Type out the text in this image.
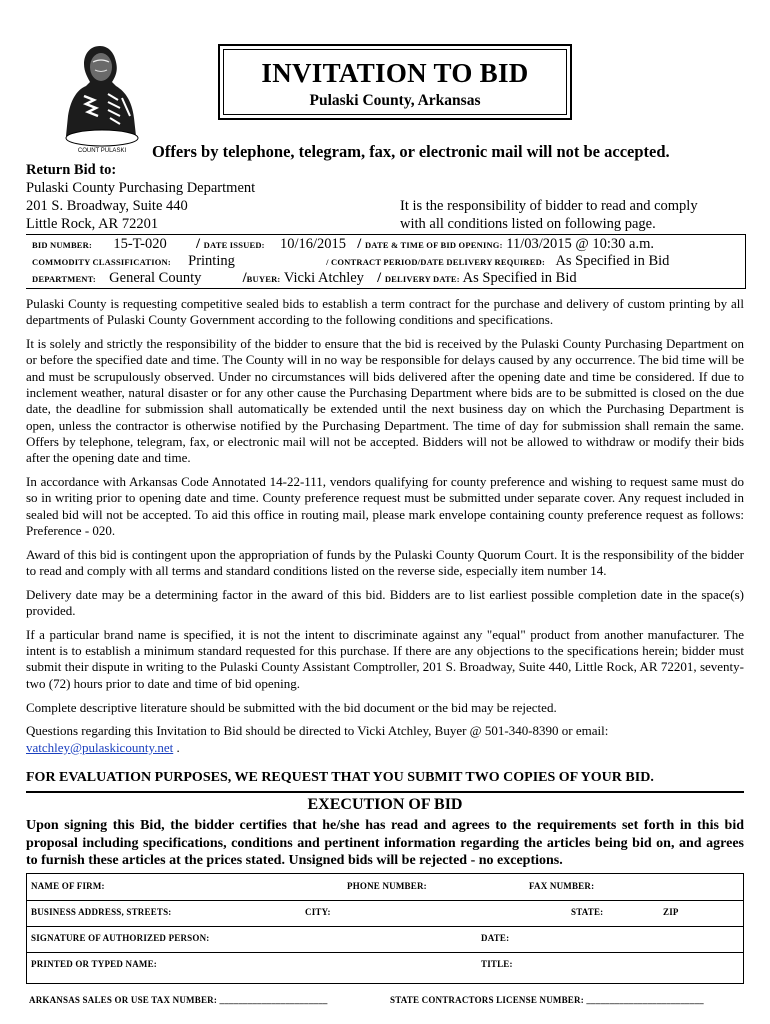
COUNT PULASKI
INVITATION TO BID
Pulaski County, Arkansas
Offers by telephone, telegram, fax, or electronic mail will not be accepted.
Return Bid to:
Pulaski County Purchasing Department
201 S. Broadway, Suite 440
Little Rock, AR 72201
It is the responsibility of bidder to read and comply
with all conditions listed on following page.
BID NUMBER: 15-T-020 / DATE ISSUED: 10/16/2015 / DATE & TIME OF BID OPENING: 11/03/2015 @ 10:30 a.m.
COMMODITY CLASSIFICATION: Printing	/ CONTRACT PERIOD/DATE DELIVERY REQUIRED: As Specified in Bid
DEPARTMENT: General County	/BUYER: Vicki Atchley / DELIVERY DATE: As Specified in Bid

Pulaski County is requesting competitive sealed bids to establish a term contract for the purchase and delivery of custom printing by all departments of Pulaski County Government according to the following conditions and specifications.

It is solely and strictly the responsibility of the bidder to ensure that the bid is received by the Pulaski County Purchasing Department on or before the specified date and time. The County will in no way be responsible for delays caused by any occurrence. The bid time will be and must be scrupulously observed. Under no circumstances will bids delivered after the opening date and time be considered. If due to inclement weather, natural disaster or for any other cause the Purchasing Department where bids are to be submitted is closed on the due date, the deadline for submission shall automatically be extended until the next business day on which the Purchasing Department is open, unless the contractor is otherwise notified by the Purchasing Department. The time of day for submission shall remain the same. Offers by telephone, telegram, fax, or electronic mail will not be accepted. Bidders will not be allowed to withdraw or modify their bids after the opening date and time.

In accordance with Arkansas Code Annotated 14-22-111, vendors qualifying for county preference and wishing to request same must do so in writing prior to opening date and time. County preference request must be submitted under separate cover. Any request included in sealed bid will not be accepted. To aid this office in routing mail, please mark envelope containing county preference request as follows: Preference - 020.

Award of this bid is contingent upon the appropriation of funds by the Pulaski County Quorum Court. It is the responsibility of the bidder to read and comply with all terms and standard conditions listed on the reverse side, especially item number 14.

Delivery date may be a determining factor in the award of this bid. Bidders are to list earliest possible completion date in the space(s) provided.

If a particular brand name is specified, it is not the intent to discriminate against any "equal" product from another manufacturer. The intent is to establish a minimum standard requested for this purchase. If there are any objections to the specifications herein; bidder must submit their dispute in writing to the Pulaski County Assistant Comptroller, 201 S. Broadway, Suite 440, Little Rock, AR 72201, seventy-two (72) hours prior to date and time of bid opening.

Complete descriptive literature should be submitted with the bid document or the bid may be rejected.

Questions regarding this Invitation to Bid should be directed to Vicki Atchley, Buyer @ 501-340-8390 or email:
vatchley@pulaskicounty.net .

FOR EVALUATION PURPOSES, WE REQUEST THAT YOU SUBMIT TWO COPIES OF YOUR BID.
EXECUTION OF BID
Upon signing this Bid, the bidder certifies that he/she has read and agrees to the requirements set forth in this bid proposal including specifications, conditions and pertinent information regarding the articles being bid on, and agrees to furnish these articles at the prices stated. Unsigned bids will be rejected - no exceptions.
NAME OF FIRM:	PHONE NUMBER:	FAX NUMBER:
BUSINESS ADDRESS, STREETS:	CITY:	STATE:	ZIP
SIGNATURE OF AUTHORIZED PERSON:	DATE:
PRINTED OR TYPED NAME:	TITLE:
ARKANSAS SALES OR USE TAX NUMBER: _______________________	STATE CONTRACTORS LICENSE NUMBER: _________________________
